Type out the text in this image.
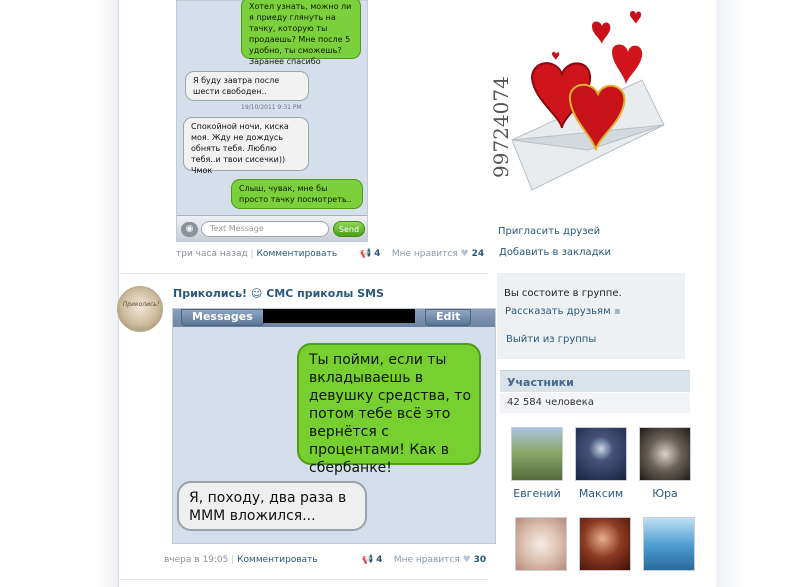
Хотел узнать, можно ли я приеду глянуть на тачку, которую ты продаешь? Мне после 5 удобно, ты сможешь? Заранее спасибо
Я буду завтра после шести свободен..
19/10/2011 9:31 PM
Спокойной ночи, киска моя. Жду не дождусь обнять тебя. Люблю тебя..и твои сисечки)) Чмок
Слыш, чувак, мне бы просто тачку посмотреть..
◉	Text Message	Send
три часа назад | Комментировать	📢 4 Мне нравится ♥ 24
Приколись!
Приколись! ☺ СМС приколы SMS
Messages	Edit
Ты пойми, если ты вкладываешь в девушку средства, то потом тебе всё это вернётся с процентами! Как в сбербанке!
Я, походу, два раза в МММ вложился...
вчера в 19:05 | Комментировать	📢 4 Мне нравится ♥ 30
99724074
Пригласить друзей
Добавить в закладки
Вы состоите в группе.
Рассказать друзьям ▪
Выйти из группы
Участники
42 584 человека
Евгений	Максим	Юра
